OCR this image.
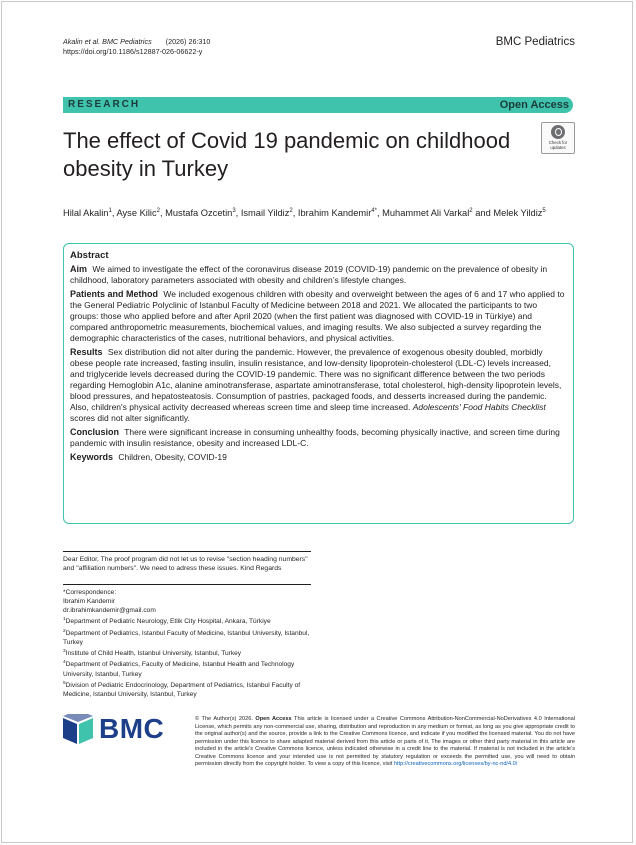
Akalin et al. BMC Pediatrics (2026) 26:310
https://doi.org/10.1186/s12887-026-06622-y
BMC Pediatrics
RESEARCH	Open Access
The effect of Covid 19 pandemic on childhood obesity in Turkey
Check for
updates
Hilal Akalin$^1$, Ayse Kilic$^2$, Mustafa Ozcetin$^3$, Ismail Yildiz$^2$, Ibrahim Kandemir$^{4*}$, Muhammet Ali Varkal$^2$ and Melek Yildiz$^5$
Abstract

Aim We aimed to investigate the effect of the coronavirus disease 2019 (COVID-19) pandemic on the prevalence of obesity in childhood, laboratory parameters associated with obesity and children’s lifestyle changes.

Patients and Method We included exogenous children with obesity and overweight between the ages of 6 and 17 who applied to the General Pediatric Polyclinic of Istanbul Faculty of Medicine between 2018 and 2021. We allocated the participants to two groups: those who applied before and after April 2020 (when the first patient was diagnosed with COVID-19 in Türkiye) and compared anthropometric measurements, biochemical values, and imaging results. We also subjected a survey regarding the demographic characteristics of the cases, nutritional behaviors, and physical activities.

Results Sex distribution did not alter during the pandemic. However, the prevalence of exogenous obesity doubled, morbidly obese people rate increased, fasting insulin, insulin resistance, and low-density lipoprotein-cholesterol (LDL-C) levels increased, and triglyceride levels decreased during the COVID-19 pandemic. There was no significant difference between the two periods regarding Hemoglobin A1c, alanine aminotransferase, aspartate aminotransferase, total cholesterol, high-density lipoprotein levels, blood pressures, and hepatosteatosis. Consumption of pastries, packaged foods, and desserts increased during the pandemic. Also, children's physical activity decreased whereas screen time and sleep time increased. Adolescents' Food Habits Checklist scores did not alter significantly.

Conclusion There were significant increase in consuming unhealthy foods, becoming physically inactive, and screen time during pandemic with insulin resistance, obesity and increased LDL-C.

Keywords Children, Obesity, COVID-19

Dear Editor, The proof program did not let us to revise "section heading numbers" and "affiliation numbers". We need to adress these issues. Kind Regards

*Correspondence:

Ibrahim Kandemir

dr.ibrahimkandemir@gmail.com

$^1$Department of Pediatric Neurology, Etlik City Hospital, Ankara, Türkiye

$^2$Department of Pediatrics, Istanbul Faculty of Medicine, Istanbul University, Istanbul, Turkey

$^3$Institute of Child Health, Istanbul University, Istanbul, Turkey

$^4$Department of Pediatrics, Faculty of Medicine, Istanbul Health and Technology University, Istanbul, Turkey

$^5$Division of Pediatric Endocrinology, Department of Pediatrics, Istanbul Faculty of Medicine, Istanbul University, Istanbul, Turkey

BMC	© The Author(s) 2026. Open Access This article is licensed under a Creative Commons Attribution-NonCommercial-NoDerivatives 4.0 International License, which permits any non-commercial use, sharing, distribution and reproduction in any medium or format, as long as you give appropriate credit to the original author(s) and the source, provide a link to the Creative Commons licence, and indicate if you modified the licensed material. You do not have permission under this licence to share adapted material derived from this article or parts of it. The images or other third party material in this article are included in the article’s Creative Commons licence, unless indicated otherwise in a credit line to the material. If material is not included in the article’s Creative Commons licence and your intended use is not permitted by statutory regulation or exceeds the permitted use, you will need to obtain permission directly from the copyright holder. To view a copy of this licence, visit http://creativecommons.org/licenses/by-nc-nd/4.0/
